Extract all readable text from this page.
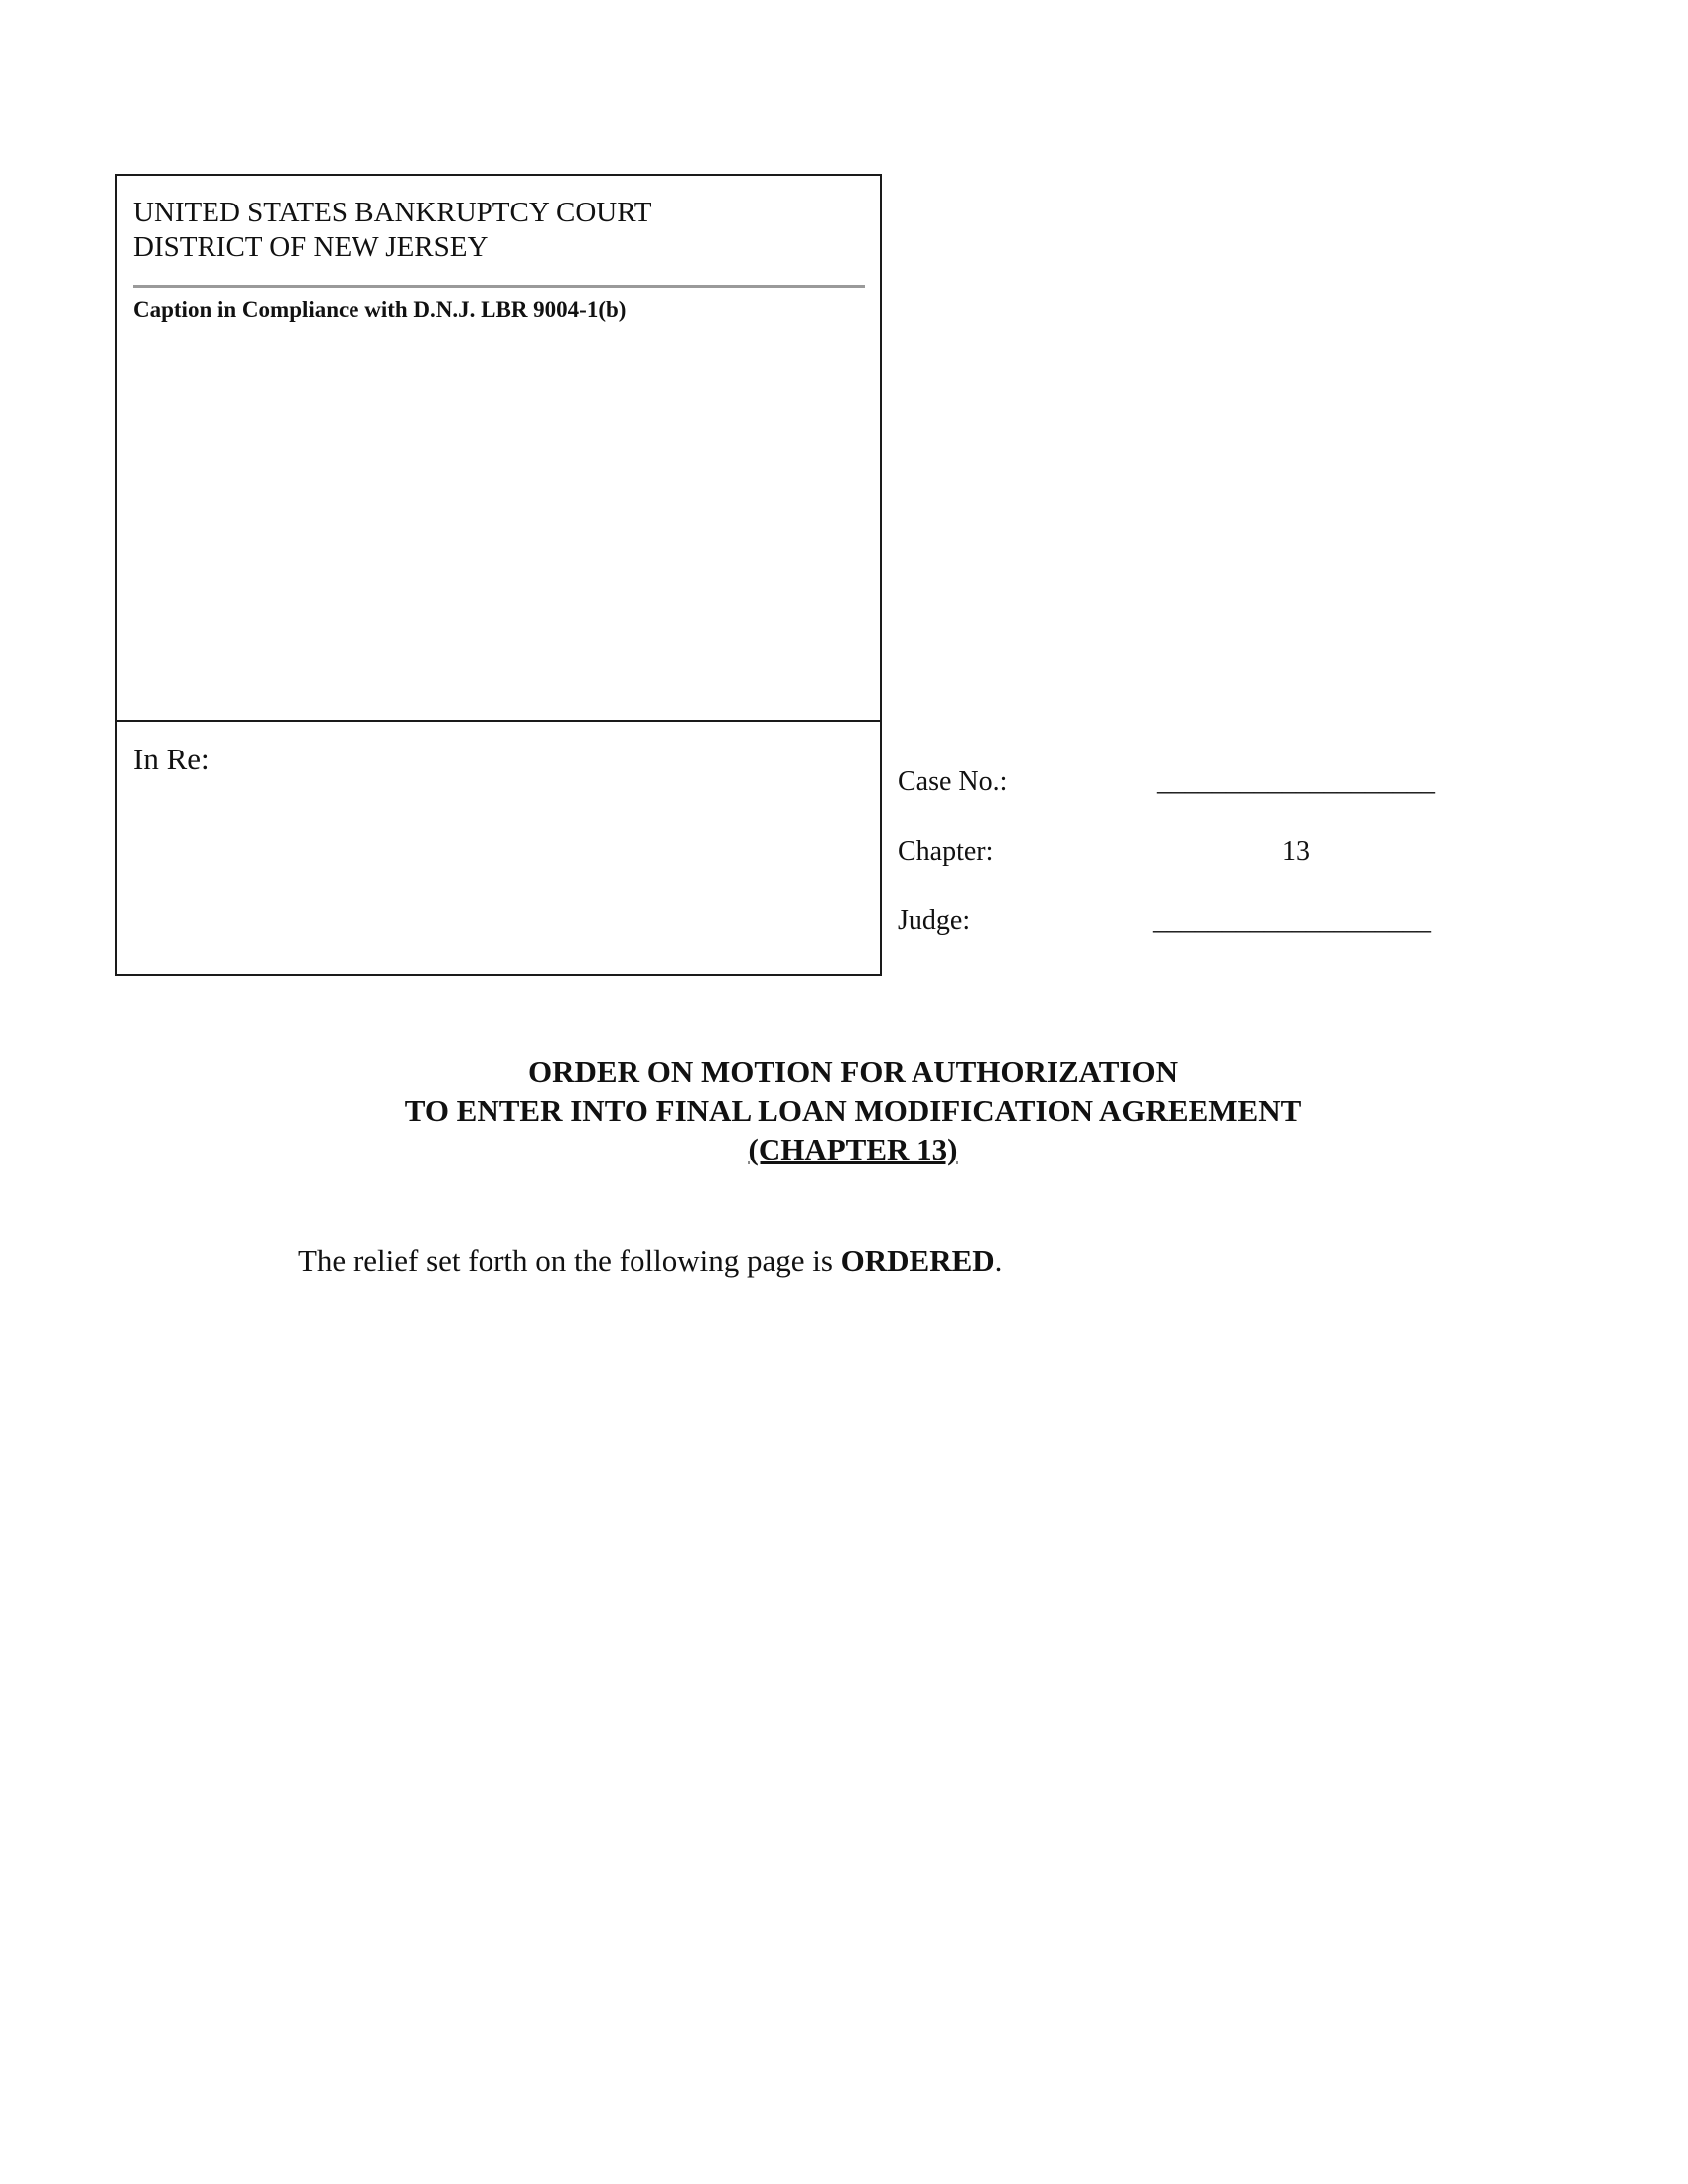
UNITED STATES BANKRUPTCY COURT
DISTRICT OF NEW JERSEY
Caption in Compliance with D.N.J. LBR 9004-1(b)
In Re:
Case No.:	____________________
Chapter:	13
Judge:	____________________
ORDER ON MOTION FOR AUTHORIZATION
TO ENTER INTO FINAL LOAN MODIFICATION AGREEMENT
(CHAPTER 13)
The relief set forth on the following page is ORDERED.
